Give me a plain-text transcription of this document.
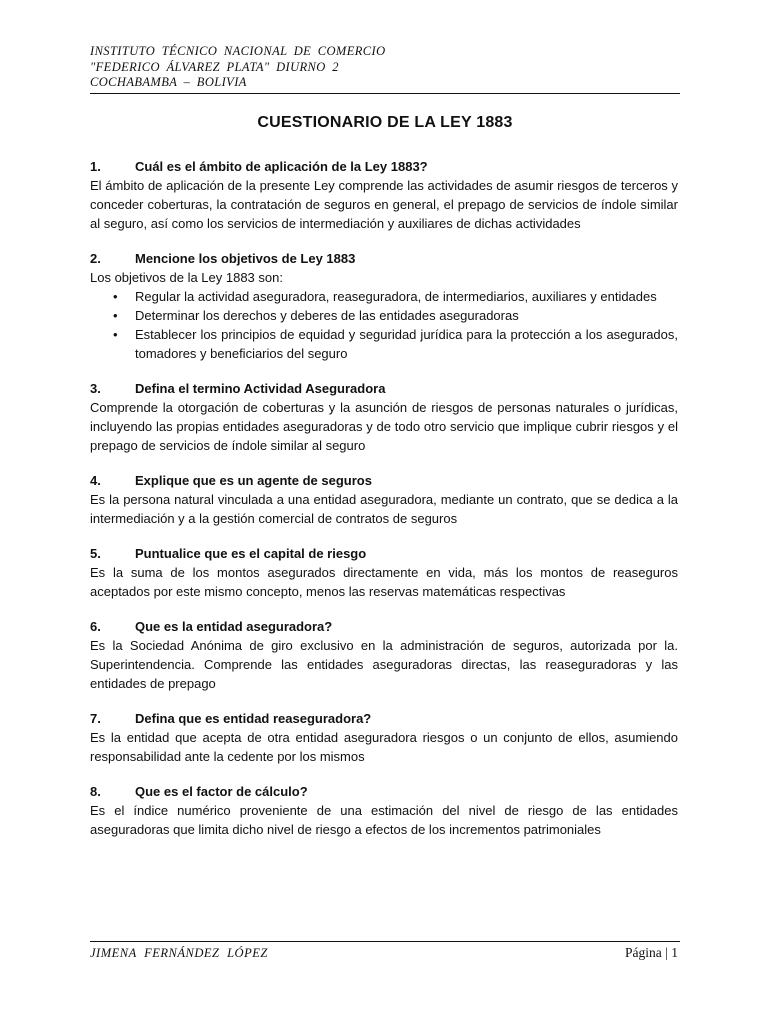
INSTITUTO TÉCNICO NACIONAL DE COMERCIO
"FEDERICO ÁLVAREZ PLATA" DIURNO 2
COCHABAMBA – BOLIVIA
CUESTIONARIO DE LA LEY 1883
1.	Cuál es el ámbito de aplicación de la Ley 1883?
El ámbito de aplicación de la presente Ley comprende las actividades de asumir riesgos de terceros y conceder coberturas, la contratación de seguros en general, el prepago de servicios de índole similar al seguro, así como los servicios de intermediación y auxiliares de dichas actividades
2.	Mencione los objetivos de Ley 1883
Los objetivos de la Ley 1883 son:
• Regular la actividad aseguradora, reaseguradora, de intermediarios, auxiliares y entidades
• Determinar los derechos y deberes de las entidades aseguradoras
• Establecer los principios de equidad y seguridad jurídica para la protección a los asegurados, tomadores y beneficiarios del seguro
3.	Defina el termino Actividad Aseguradora
Comprende la otorgación de coberturas y la asunción de riesgos de personas naturales o jurídicas, incluyendo las propias entidades aseguradoras y de todo otro servicio que implique cubrir riesgos y el prepago de servicios de índole similar al seguro
4.	Explique que es un agente de seguros
Es la persona natural vinculada a una entidad aseguradora, mediante un contrato, que se dedica a la intermediación y a la gestión comercial de contratos de seguros
5.	Puntualice que es el capital de riesgo
Es la suma de los montos asegurados directamente en vida, más los montos de reaseguros aceptados por este mismo concepto, menos las reservas matemáticas respectivas
6.	Que es la entidad aseguradora?
Es la Sociedad Anónima de giro exclusivo en la administración de seguros, autorizada por la. Superintendencia. Comprende las entidades aseguradoras directas, las reaseguradoras y las entidades de prepago
7.	Defina que es entidad reaseguradora?
Es la entidad que acepta de otra entidad aseguradora riesgos o un conjunto de ellos, asumiendo responsabilidad ante la cedente por los mismos
8.	Que es el factor de cálculo?
Es el índice numérico proveniente de una estimación del nivel de riesgo de las entidades aseguradoras que limita dicho nivel de riesgo a efectos de los incrementos patrimoniales
JIMENA FERNÁNDEZ LÓPEZ	Página | 1
